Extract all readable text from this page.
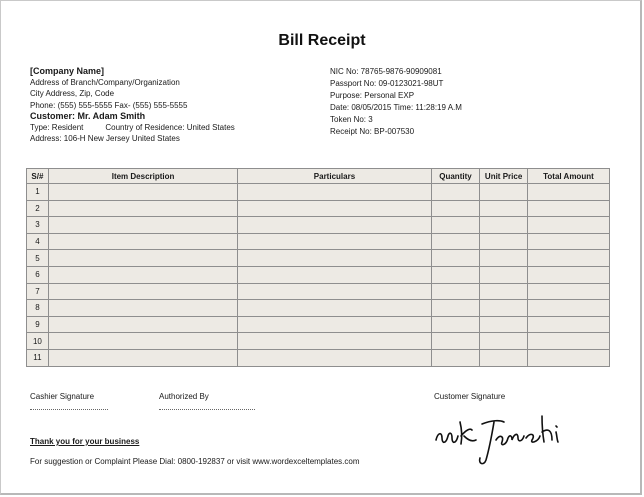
Bill Receipt
[Company Name]
Address of Branch/Company/Organization
City Address, Zip, Code
Phone: (555) 555-5555 Fax- (555) 555-5555
Customer: Mr. Adam Smith
Type: Resident	Country of Residence: United States
Address: 106-H New Jersey United States
NIC No: 78765-9876-90909081
Passport No: 09-0123021-98UT
Purpose: Personal EXP
Date: 08/05/2015 Time: 11:28:19 A.M
Token No: 3
Receipt No: BP-007530
S/#	Item Description	Particulars	Quantity	Unit Price	Total Amount
1					
2					
3					
4					
5					
6					
7					
8					
9					
10					
11					
Cashier Signature	Authorized By	Customer Signature
Thank you for your business
For suggestion or Complaint Please Dial: 0800-192837 or visit www.wordexceltemplates.com
